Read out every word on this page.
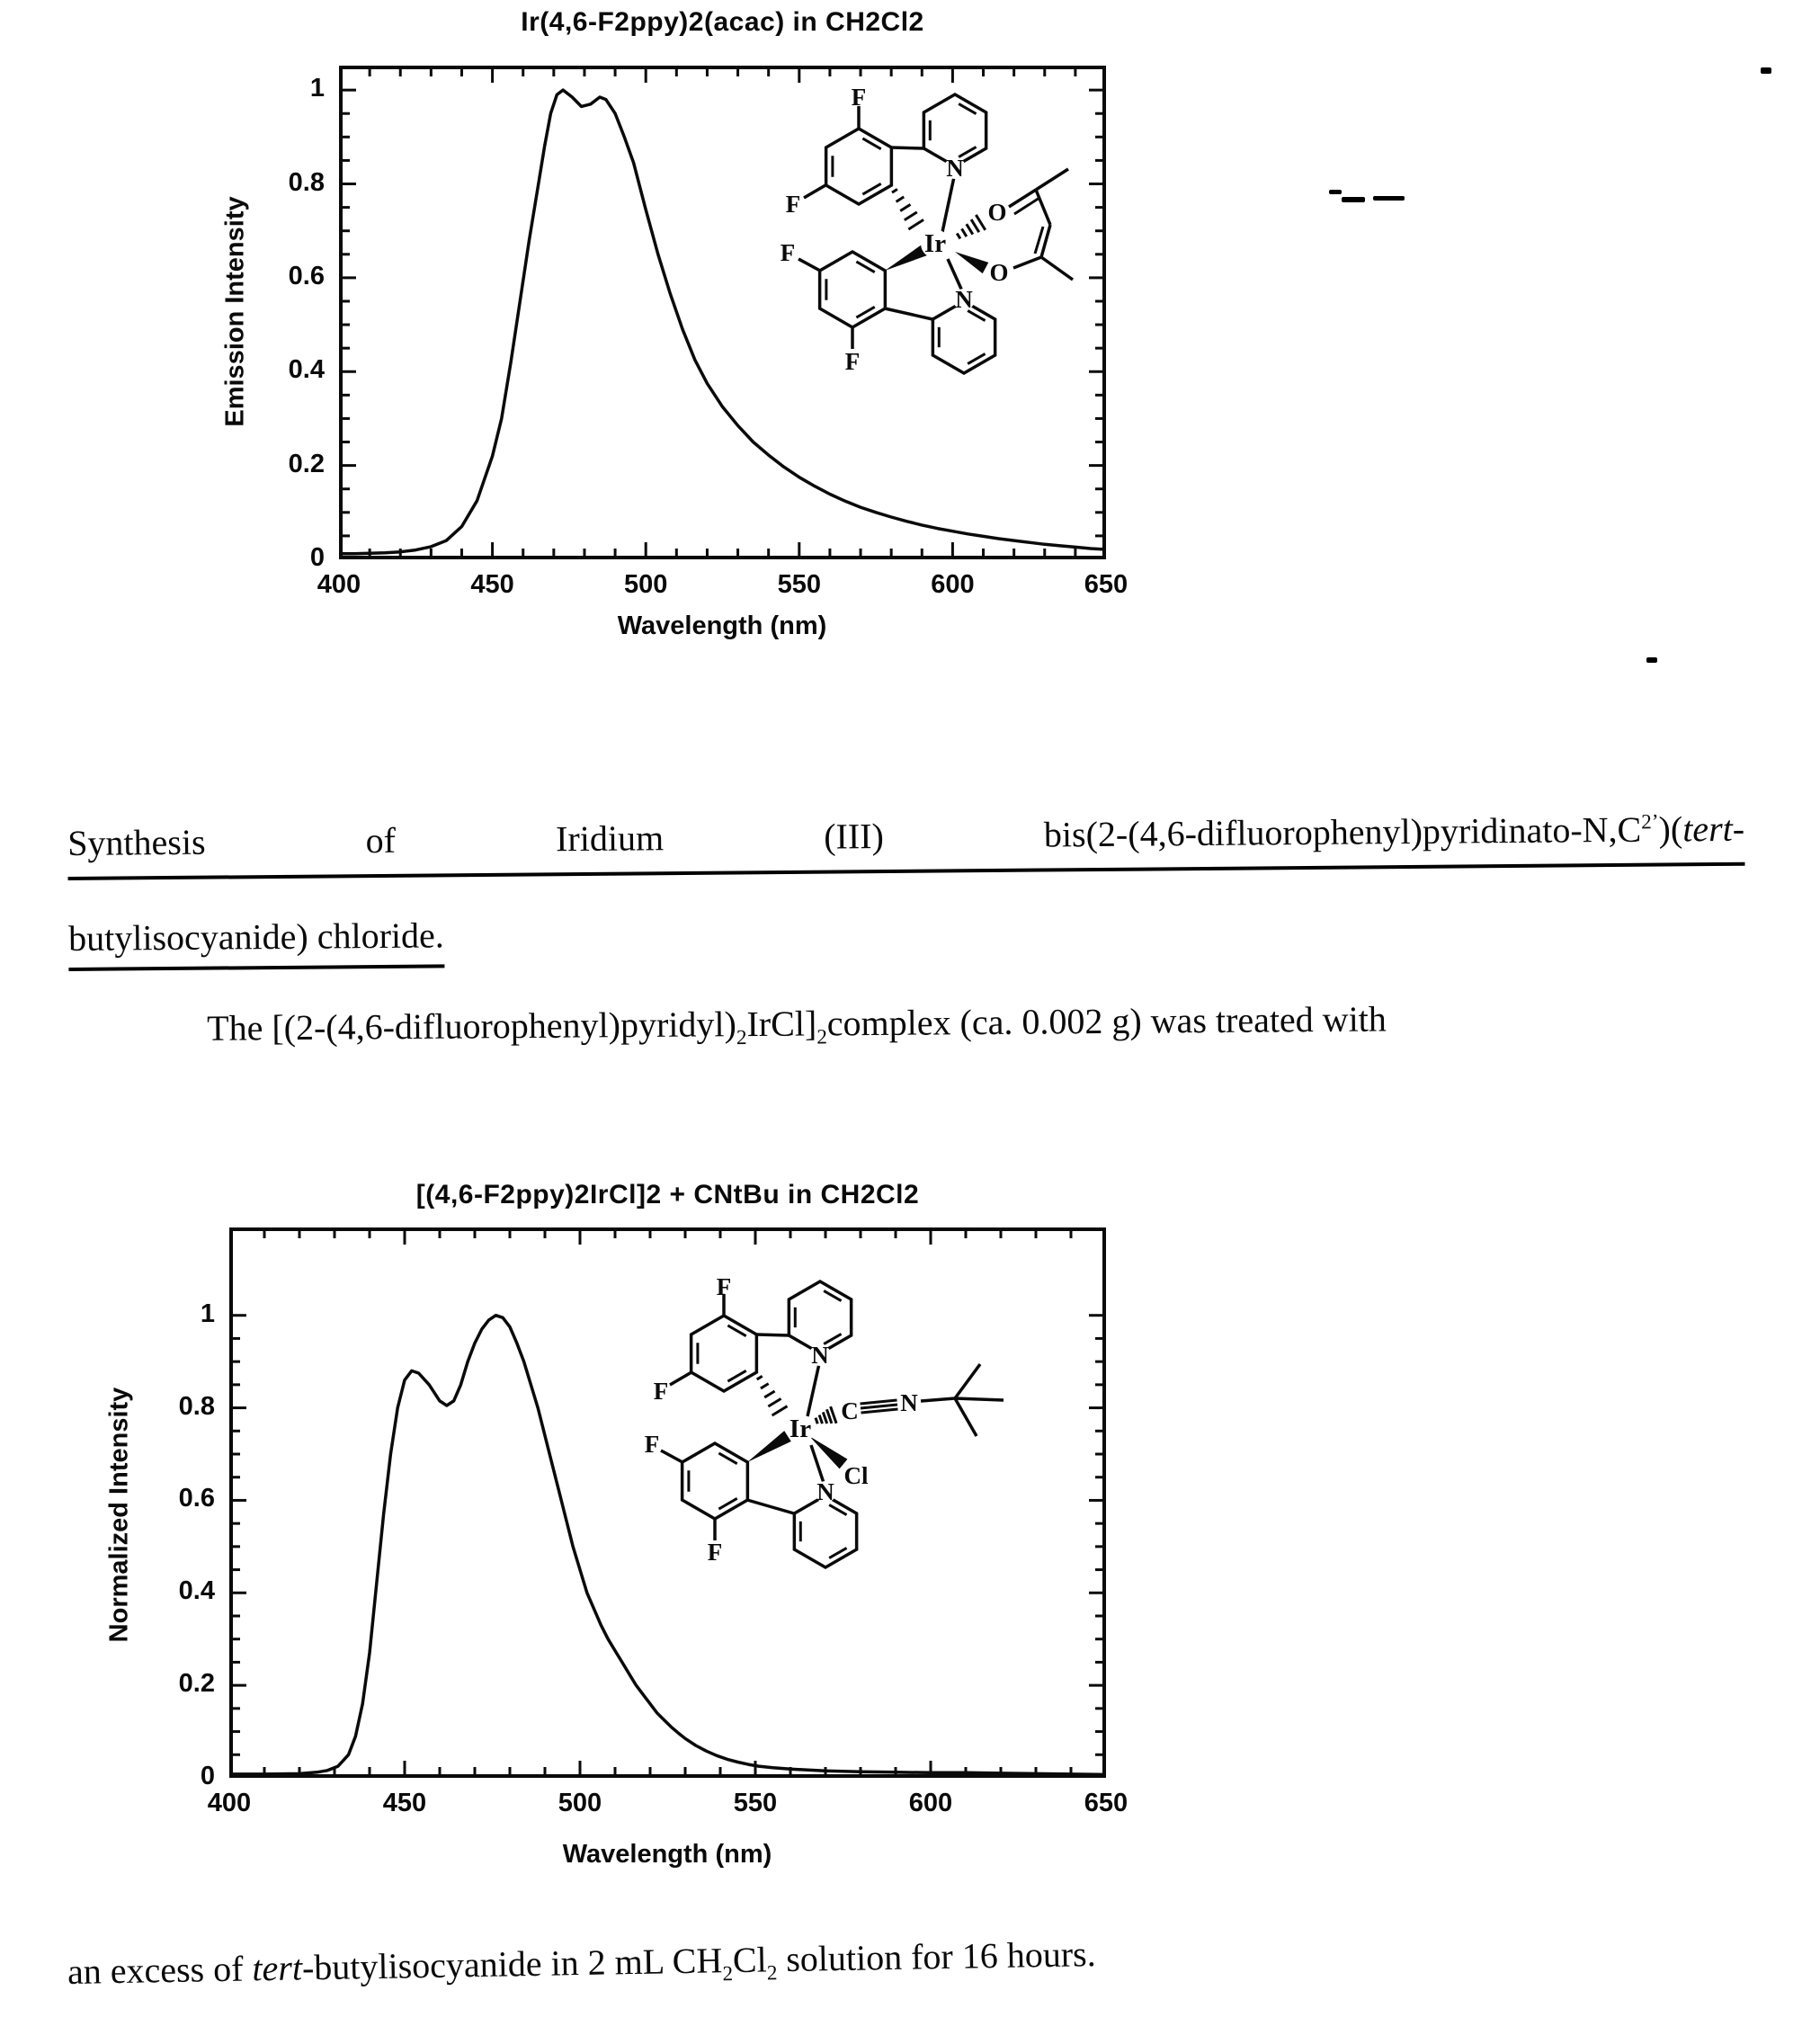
Ir(4,6-F2ppy)2(acac) in CH2Cl2
Emission Intensity
Wavelength (nm)
F
F
F
F
N
N
Ir
O
O
Synthesis	of	Iridium	(III)	$bis(2-(4,6-difluorophenyl)pyridinato-N,C^{2’})(tert-$
butylisocyanide) chloride.
The $[(2-(4,6-difluorophenyl)pyridyl)_2IrCl]_2complex$ (ca. 0.002 g) was treated with
[(4,6-F2ppy)2IrCl]2 + CNtBu in CH2Cl2
Normalized Intensity
Wavelength (nm)
F
F
F
F
N
N
Ir
C N
Cl
an excess of tert-butylisocyanide in 2 mL $CH_2Cl_2$ solution for 16 hours.
400	450	500	550	600	650
0
0.2
0.4
0.6
0.8
1
400	450	500	550	600	650
0
0.2
0.4
0.6
0.8
1
